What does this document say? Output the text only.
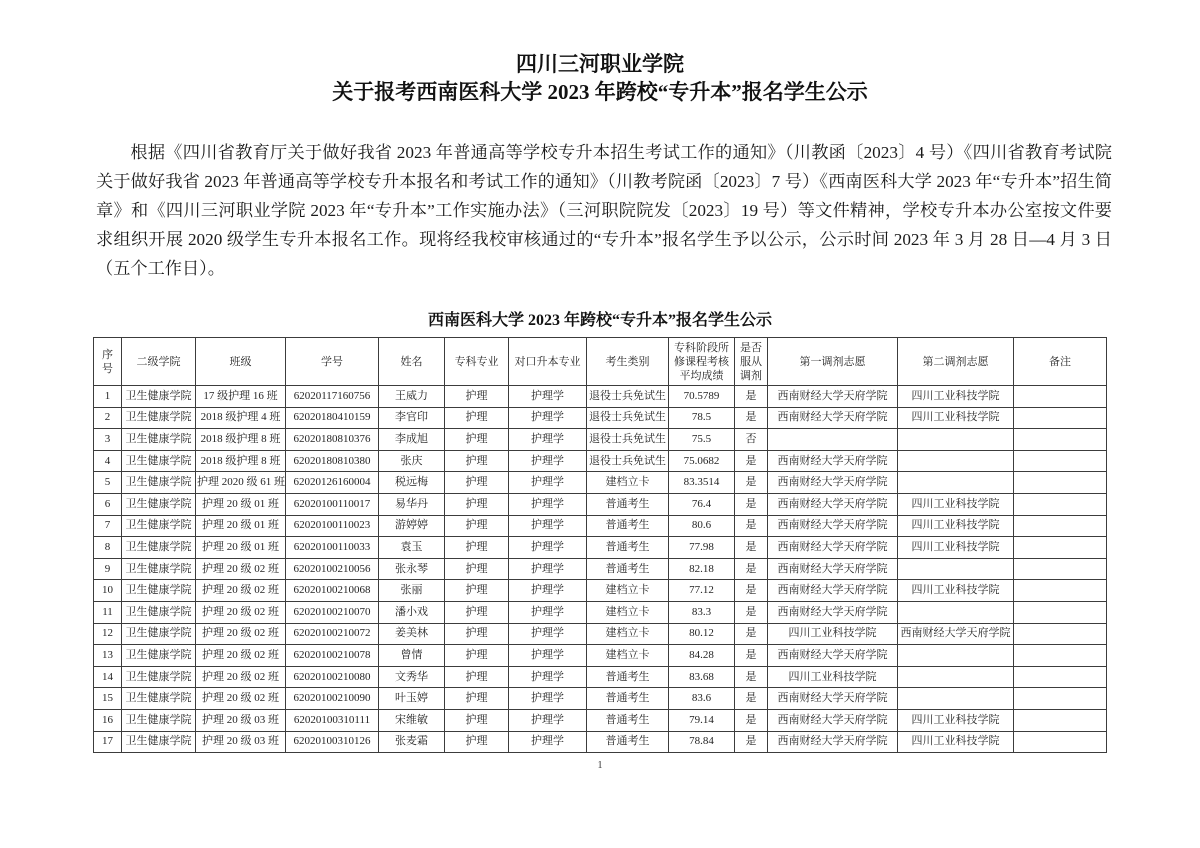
四川三河职业学院
关于报考西南医科大学 2023 年跨校“专升本”报名学生公示

根据《四川省教育厅关于做好我省 2023 年普通高等学校专升本招生考试工作的通知》（川教函〔2023〕4 号）《四川省教育考试院关于做好我省 2023 年普通高等学校专升本报名和考试工作的通知》（川教考院函〔2023〕7 号）《西南医科大学 2023 年“专升本”招生简章》和《四川三河职业学院 2023 年“专升本”工作实施办法》（三河职院院发〔2023〕19 号）等文件精神，学校专升本办公室按文件要求组织开展 2020 级学生专升本报名工作。现将经我校审核通过的“专升本”报名学生予以公示，公示时间 2023 年 3 月 28 日—4 月 3 日（五个工作日）。

西南医科大学 2023 年跨校“专升本”报名学生公示
序号	二级学院	班级	学号	姓名	专科专业	对口升本专业	考生类别	专科阶段所修课程考核平均成绩	是否服从调剂	第一调剂志愿	第二调剂志愿	备注
1	卫生健康学院	17 级护理 16 班	62020117160756	王威力	护理	护理学	退役士兵免试生	70.5789	是	西南财经大学天府学院	四川工业科技学院	
2	卫生健康学院	2018 级护理 4 班	62020180410159	李官印	护理	护理学	退役士兵免试生	78.5	是	西南财经大学天府学院	四川工业科技学院	
3	卫生健康学院	2018 级护理 8 班	62020180810376	李成旭	护理	护理学	退役士兵免试生	75.5	否			
4	卫生健康学院	2018 级护理 8 班	62020180810380	张庆	护理	护理学	退役士兵免试生	75.0682	是	西南财经大学天府学院		
5	卫生健康学院	护理 2020 级 61 班	62020126160004	税远梅	护理	护理学	建档立卡	83.3514	是	西南财经大学天府学院		
6	卫生健康学院	护理 20 级 01 班	62020100110017	易华丹	护理	护理学	普通考生	76.4	是	西南财经大学天府学院	四川工业科技学院	
7	卫生健康学院	护理 20 级 01 班	62020100110023	游婷婷	护理	护理学	普通考生	80.6	是	西南财经大学天府学院	四川工业科技学院	
8	卫生健康学院	护理 20 级 01 班	62020100110033	袁玉	护理	护理学	普通考生	77.98	是	西南财经大学天府学院	四川工业科技学院	
9	卫生健康学院	护理 20 级 02 班	62020100210056	张永琴	护理	护理学	普通考生	82.18	是	西南财经大学天府学院		
10	卫生健康学院	护理 20 级 02 班	62020100210068	张丽	护理	护理学	建档立卡	77.12	是	西南财经大学天府学院	四川工业科技学院	
11	卫生健康学院	护理 20 级 02 班	62020100210070	潘小戏	护理	护理学	建档立卡	83.3	是	西南财经大学天府学院		
12	卫生健康学院	护理 20 级 02 班	62020100210072	姜美林	护理	护理学	建档立卡	80.12	是	四川工业科技学院	西南财经大学天府学院	
13	卫生健康学院	护理 20 级 02 班	62020100210078	曾情	护理	护理学	建档立卡	84.28	是	西南财经大学天府学院		
14	卫生健康学院	护理 20 级 02 班	62020100210080	文秀华	护理	护理学	普通考生	83.68	是	四川工业科技学院		
15	卫生健康学院	护理 20 级 02 班	62020100210090	叶玉婷	护理	护理学	普通考生	83.6	是	西南财经大学天府学院		
16	卫生健康学院	护理 20 级 03 班	62020100310111	宋维敏	护理	护理学	普通考生	79.14	是	西南财经大学天府学院	四川工业科技学院	
17	卫生健康学院	护理 20 级 03 班	62020100310126	张麦霜	护理	护理学	普通考生	78.84	是	西南财经大学天府学院	四川工业科技学院	
1
